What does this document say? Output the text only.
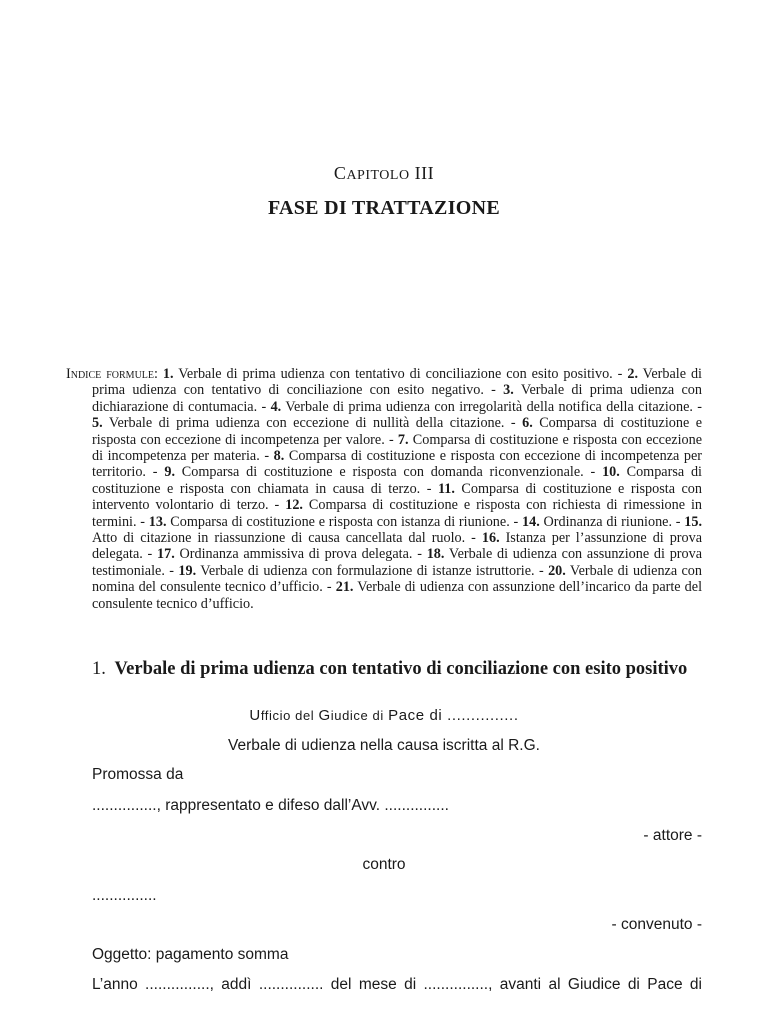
CAPITOLO III
FASE DI TRATTAZIONE
Indice formule: 1. Verbale di prima udienza con tentativo di conciliazione con esito positivo. - 2. Verbale di prima udienza con tentativo di conciliazione con esito negativo. - 3. Verbale di prima udienza con dichiarazione di contumacia. - 4. Verbale di prima udienza con irregolarità della notifica della citazione. - 5. Verbale di prima udienza con eccezione di nullità della citazione. - 6. Comparsa di costituzione e risposta con eccezione di incompetenza per valore. - 7. Comparsa di costituzione e risposta con eccezione di incompetenza per materia. - 8. Comparsa di costituzione e risposta con eccezione di incompetenza per territorio. - 9. Comparsa di costituzione e risposta con domanda riconvenzionale. - 10. Comparsa di costituzione e risposta con chiamata in causa di terzo. - 11. Comparsa di costituzione e risposta con intervento volontario di terzo. - 12. Comparsa di costituzione e risposta con richiesta di rimessione in termini. - 13. Comparsa di costituzione e risposta con istanza di riunione. - 14. Ordinanza di riunione. - 15. Atto di citazione in riassunzione di causa cancellata dal ruolo. - 16. Istanza per l’assunzione di prova delegata. - 17. Ordinanza ammissiva di prova delegata. - 18. Verbale di udienza con assunzione di prova testimoniale. - 19. Verbale di udienza con formulazione di istanze istruttorie. - 20. Verbale di udienza con nomina del consulente tecnico d’ufficio. - 21. Verbale di udienza con assunzione dell’incarico da parte del consulente tecnico d’ufficio.
1. Verbale di prima udienza con tentativo di conciliazione con esito positivo
Ufficio del Giudice di Pace di ...............
Verbale di udienza nella causa iscritta al R.G.
Promossa da
..............., rappresentato e difeso dall’Avv. ...............
- attore -
contro
...............
- convenuto -
Oggetto: pagamento somma
L’anno ..............., addì ............... del mese di ..............., avanti al Giudice di Pace di
